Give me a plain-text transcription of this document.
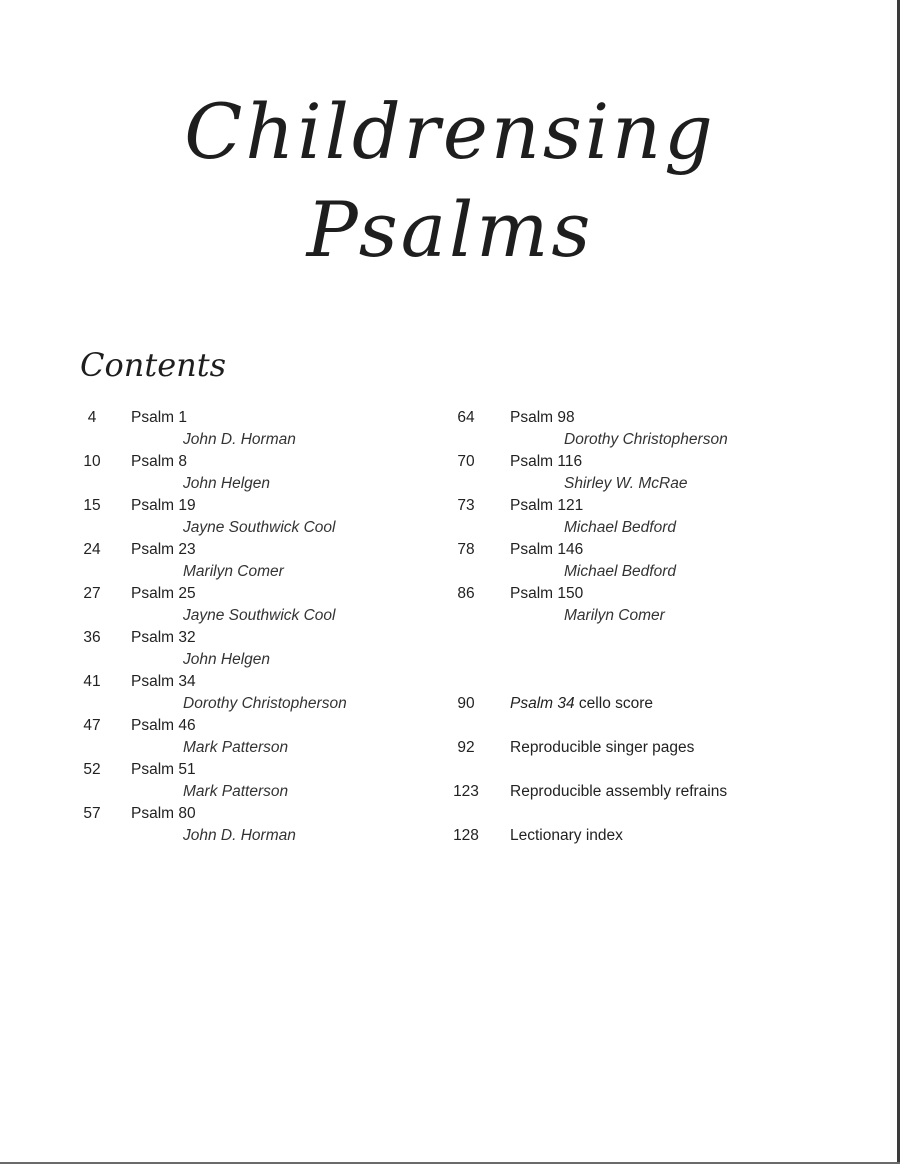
Childrensing
Psalms
Contents
4	Psalm 1
John D. Horman
10	Psalm 8
John Helgen
15	Psalm 19
Jayne Southwick Cool
24	Psalm 23
Marilyn Comer
27	Psalm 25
Jayne Southwick Cool
36	Psalm 32
John Helgen
41	Psalm 34
Dorothy Christopherson
47	Psalm 46
Mark Patterson
52	Psalm 51
Mark Patterson
57	Psalm 80
John D. Horman
64	Psalm 98
Dorothy Christopherson
70	Psalm 116
Shirley W. McRae
73	Psalm 121
Michael Bedford
78	Psalm 146
Michael Bedford
86	Psalm 150
Marilyn Comer
90	Psalm 34 cello score
92	Reproducible singer pages
123	Reproducible assembly refrains
128	Lectionary index
